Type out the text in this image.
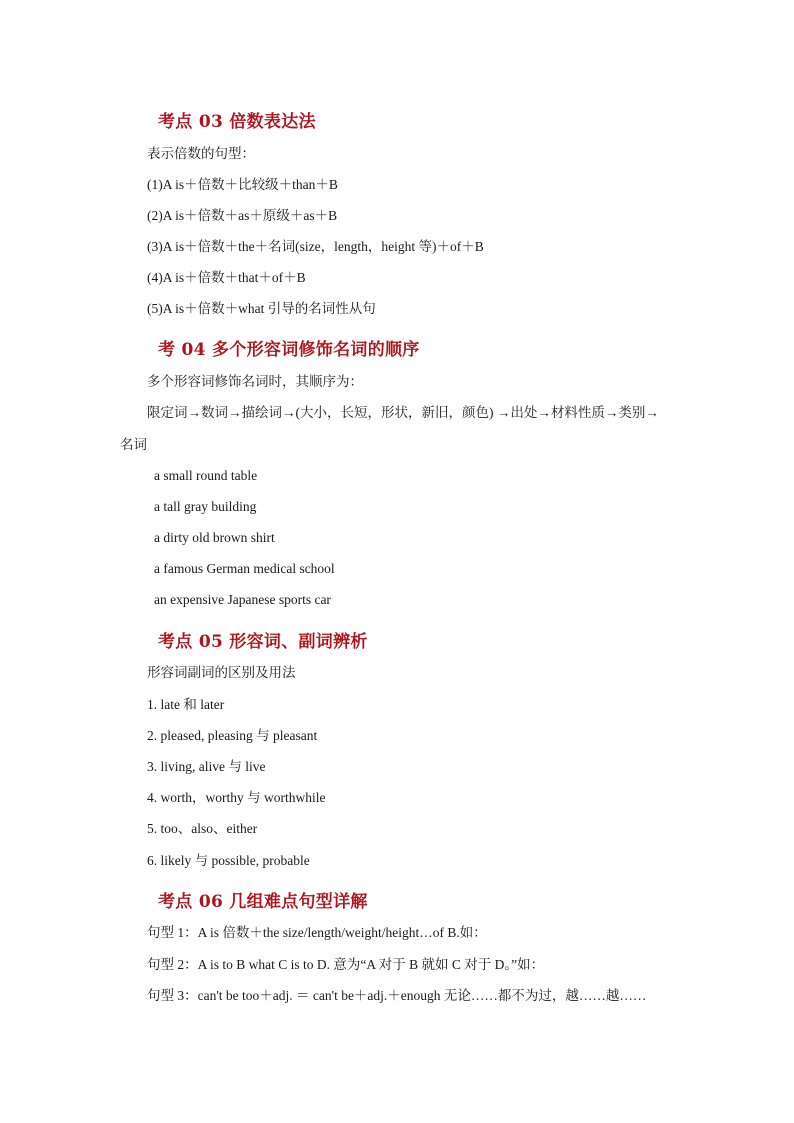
考点 03 倍数表达法
表示倍数的句型：
(1)A is＋倍数＋比较级＋than＋B
(2)A is＋倍数＋as＋原级＋as＋B
(3)A is＋倍数＋the＋名词(size，length，height 等)＋of＋B
(4)A is＋倍数＋that＋of＋B
(5)A is＋倍数＋what 引导的名词性从句
考 04 多个形容词修饰名词的顺序
多个形容词修饰名词时，其顺序为：
限定词→数词→描绘词→(大小，长短，形状，新旧，颜色) →出处→材料性质→类别→
名词
a small round table
a tall gray building
a dirty old brown shirt
a famous German medical school
an expensive Japanese sports car
考点 05 形容词、副词辨析
形容词副词的区别及用法
1. late 和 later
2. pleased, pleasing 与 pleasant
3. living, alive 与 live
4. worth，worthy 与 worthwhile
5. too、also、either
6. likely 与 possible, probable
考点 06 几组难点句型详解
句型 1：A is 倍数＋the size/length/weight/height…of B.如：
句型 2：A is to B what C is to D. 意为“A 对于 B 就如 C 对于 D。”如：
句型 3：can't be too＋adj. ＝ can't be＋adj.＋enough 无论……都不为过，越……越……
